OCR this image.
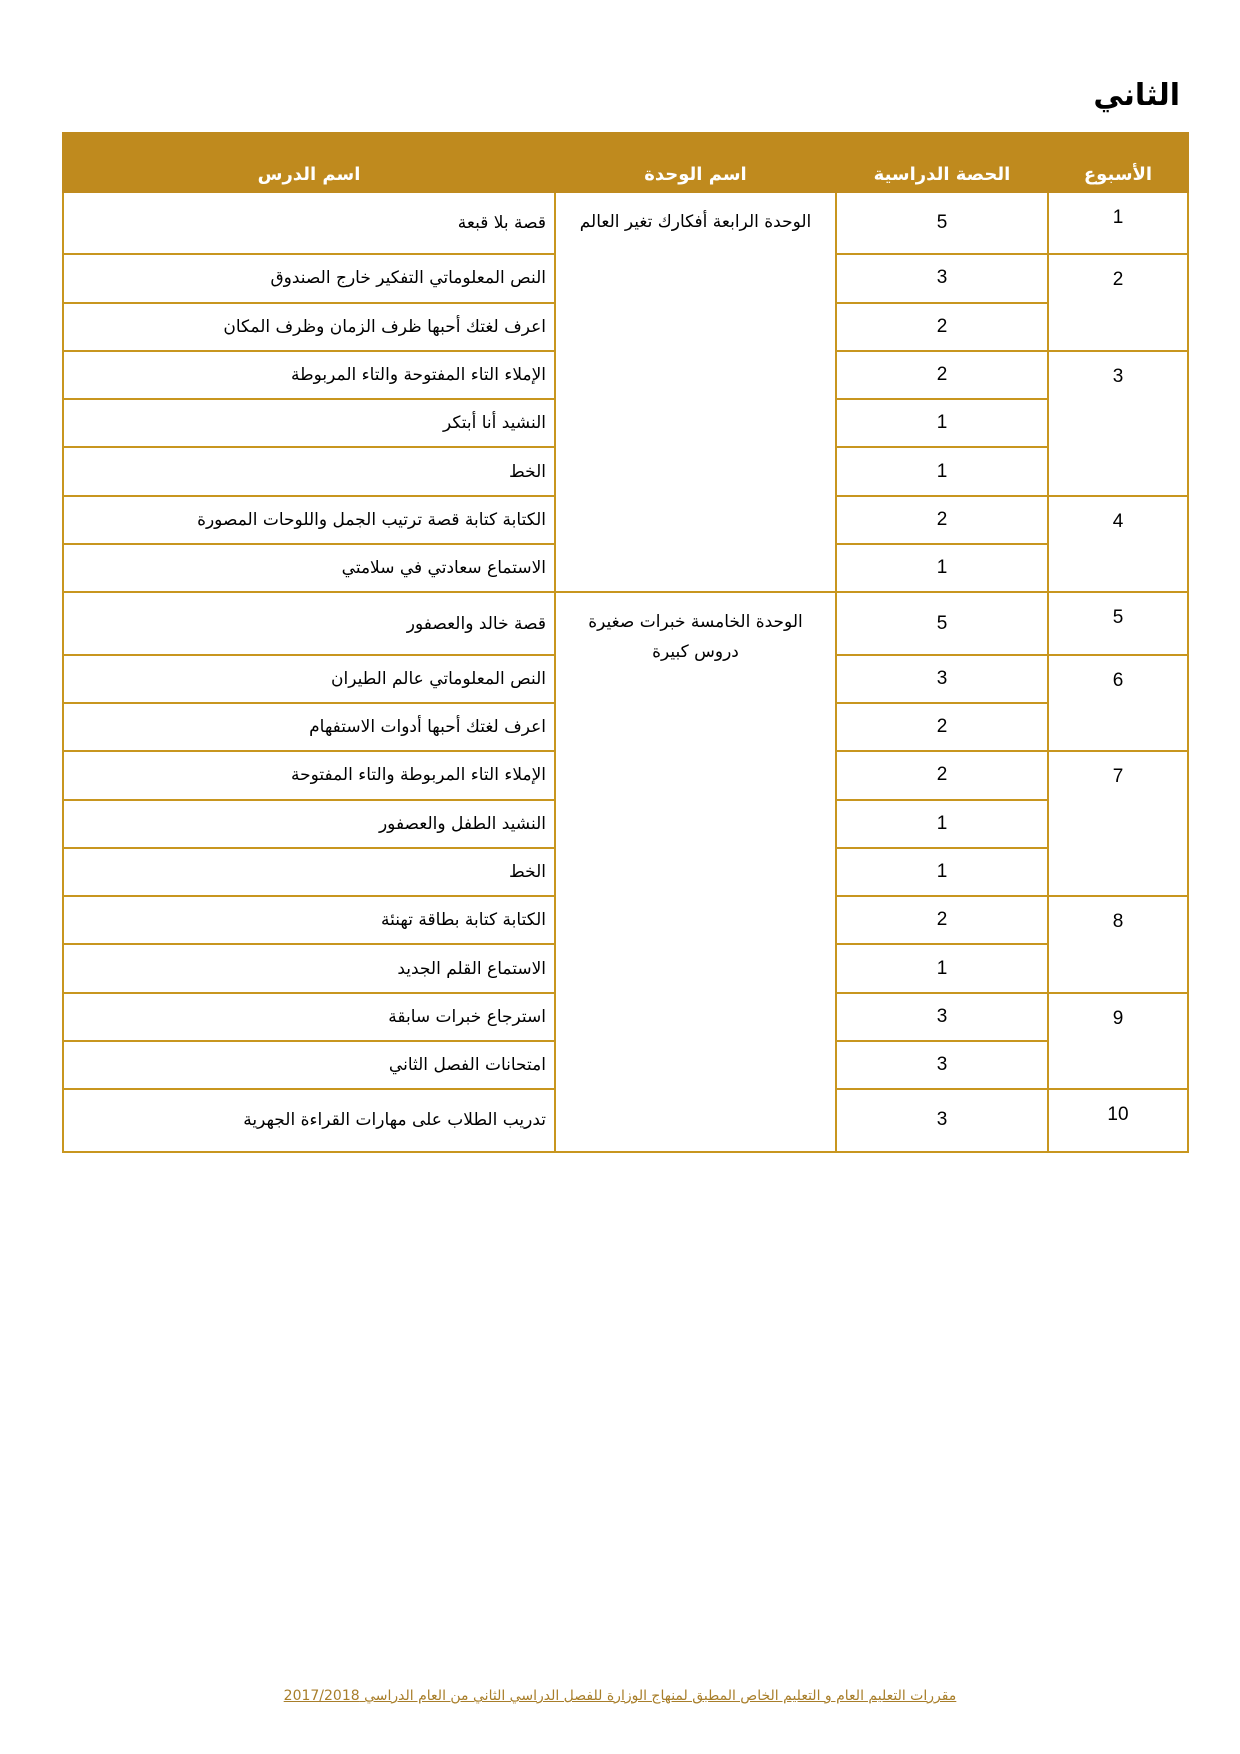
الثاني
الأسبوع	الحصة الدراسية	اسم الوحدة	اسم الدرس
1	5	الوحدة الرابعة أفكارك تغير العالم	قصة بلا قبعة
2	3		النص المعلوماتي التفكير خارج الصندوق
	2		اعرف لغتك أحبها ظرف الزمان وظرف المكان
3	2		الإملاء التاء المفتوحة والتاء المربوطة
	1		النشيد أنا أبتكر
	1		الخط
4	2		الكتابة كتابة قصة ترتيب الجمل واللوحات المصورة
	1		الاستماع سعادتي في سلامتي
5	5	الوحدة الخامسة خبرات صغيرة دروس كبيرة	قصة خالد والعصفور
6	3		النص المعلوماتي عالم الطيران
	2		اعرف لغتك أحبها أدوات الاستفهام
7	2		الإملاء التاء المربوطة والتاء المفتوحة
	1		النشيد الطفل والعصفور
	1		الخط
8	2		الكتابة كتابة بطاقة تهنئة
	1		الاستماع القلم الجديد
9	3		استرجاع خبرات سابقة
	3		امتحانات الفصل الثاني
10	3		تدريب الطلاب على مهارات القراءة الجهرية
مقررات التعليم العام و التعليم الخاص المطبق لمنهاج الوزارة للفصل الدراسي الثاني من العام الدراسي 2017/2018
